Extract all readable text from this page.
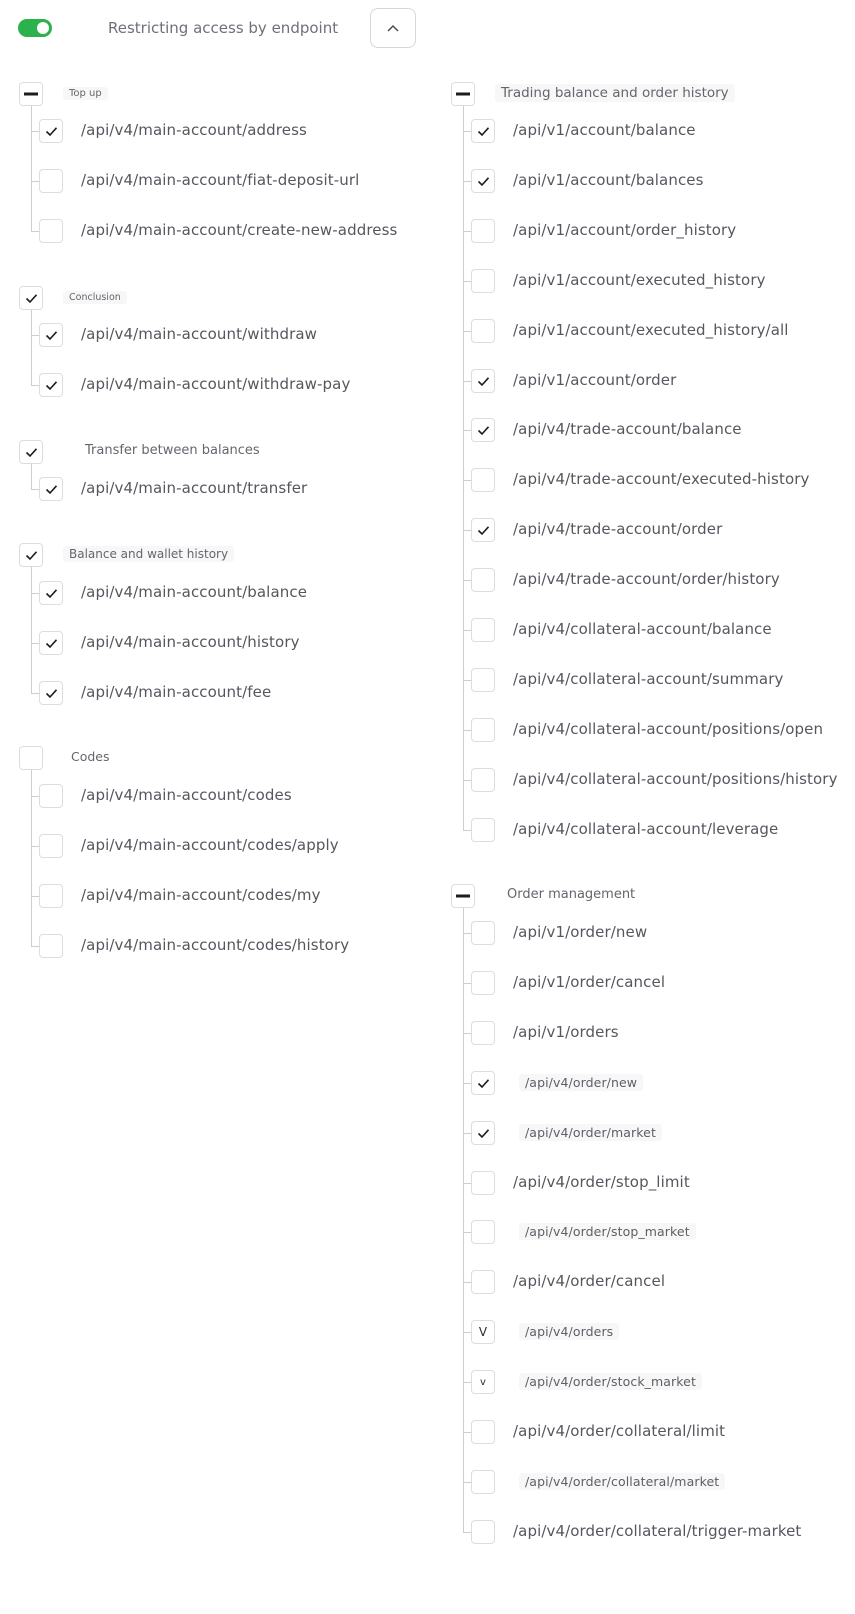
Restricting access by endpoint
Top up
/api/v4/main-account/address
/api/v4/main-account/fiat-deposit-url
/api/v4/main-account/create-new-address
Conclusion
/api/v4/main-account/withdraw
/api/v4/main-account/withdraw-pay
Transfer between balances
/api/v4/main-account/transfer
Balance and wallet history
/api/v4/main-account/balance
/api/v4/main-account/history
/api/v4/main-account/fee
Codes
/api/v4/main-account/codes
/api/v4/main-account/codes/apply
/api/v4/main-account/codes/my
/api/v4/main-account/codes/history
Trading balance and order history
/api/v1/account/balance
/api/v1/account/balances
/api/v1/account/order_history
/api/v1/account/executed_history
/api/v1/account/executed_history/all
/api/v1/account/order
/api/v4/trade-account/balance
/api/v4/trade-account/executed-history
/api/v4/trade-account/order
/api/v4/trade-account/order/history
/api/v4/collateral-account/balance
/api/v4/collateral-account/summary
/api/v4/collateral-account/positions/open
/api/v4/collateral-account/positions/history
/api/v4/collateral-account/leverage
Order management
/api/v1/order/new
/api/v1/order/cancel
/api/v1/orders
/api/v4/order/new
/api/v4/order/market
/api/v4/order/stop_limit
/api/v4/order/stop_market
/api/v4/order/cancel
V	/api/v4/orders
v	/api/v4/order/stock_market
/api/v4/order/collateral/limit
/api/v4/order/collateral/market
/api/v4/order/collateral/trigger-market
